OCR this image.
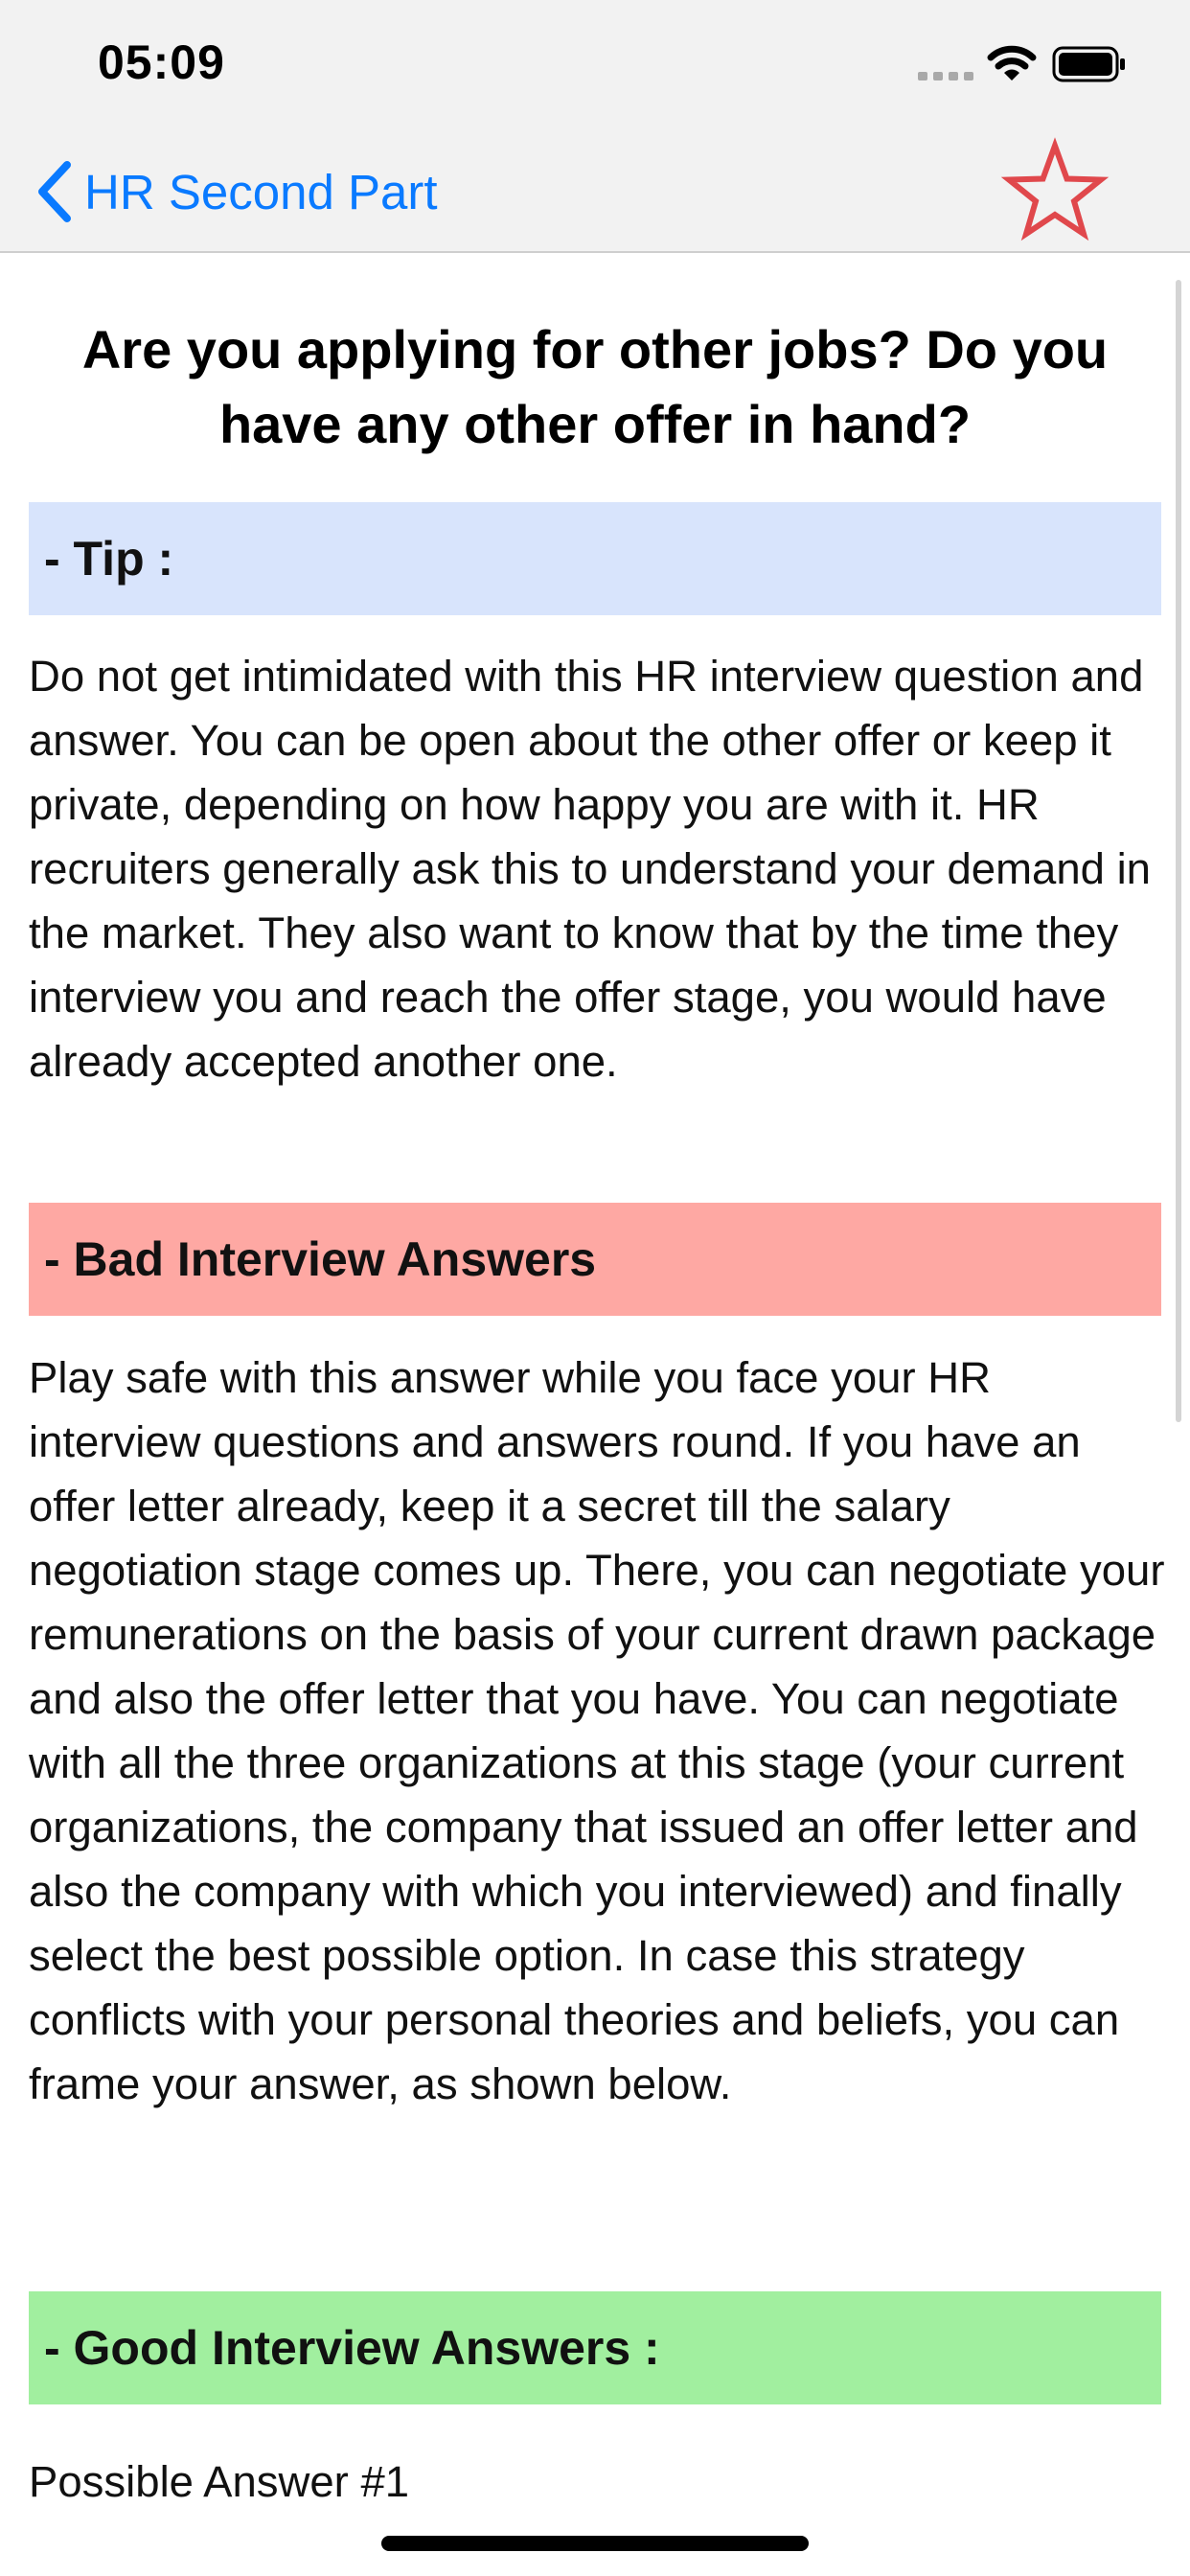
05:09
HR Second Part
Are you applying for other jobs? Do you have any other offer in hand?
- Tip :

Do not get intimidated with this HR interview question and answer. You can be open about the other offer or keep it private, depending on how happy you are with it. HR recruiters generally ask this to understand your demand in the market. They also want to know that by the time they interview you and reach the offer stage, you would have already accepted another one.

- Bad Interview Answers

Play safe with this answer while you face your HR interview questions and answers round. If you have an offer letter already, keep it a secret till the salary negotiation stage comes up. There, you can negotiate your remunerations on the basis of your current drawn package and also the offer letter that you have. You can negotiate with all the three organizations at this stage (your current organizations, the company that issued an offer letter and also the company with which you interviewed) and finally select the best possible option. In case this strategy conflicts with your personal theories and beliefs, you can frame your answer, as shown below.

- Good Interview Answers :
Possible Answer #1
